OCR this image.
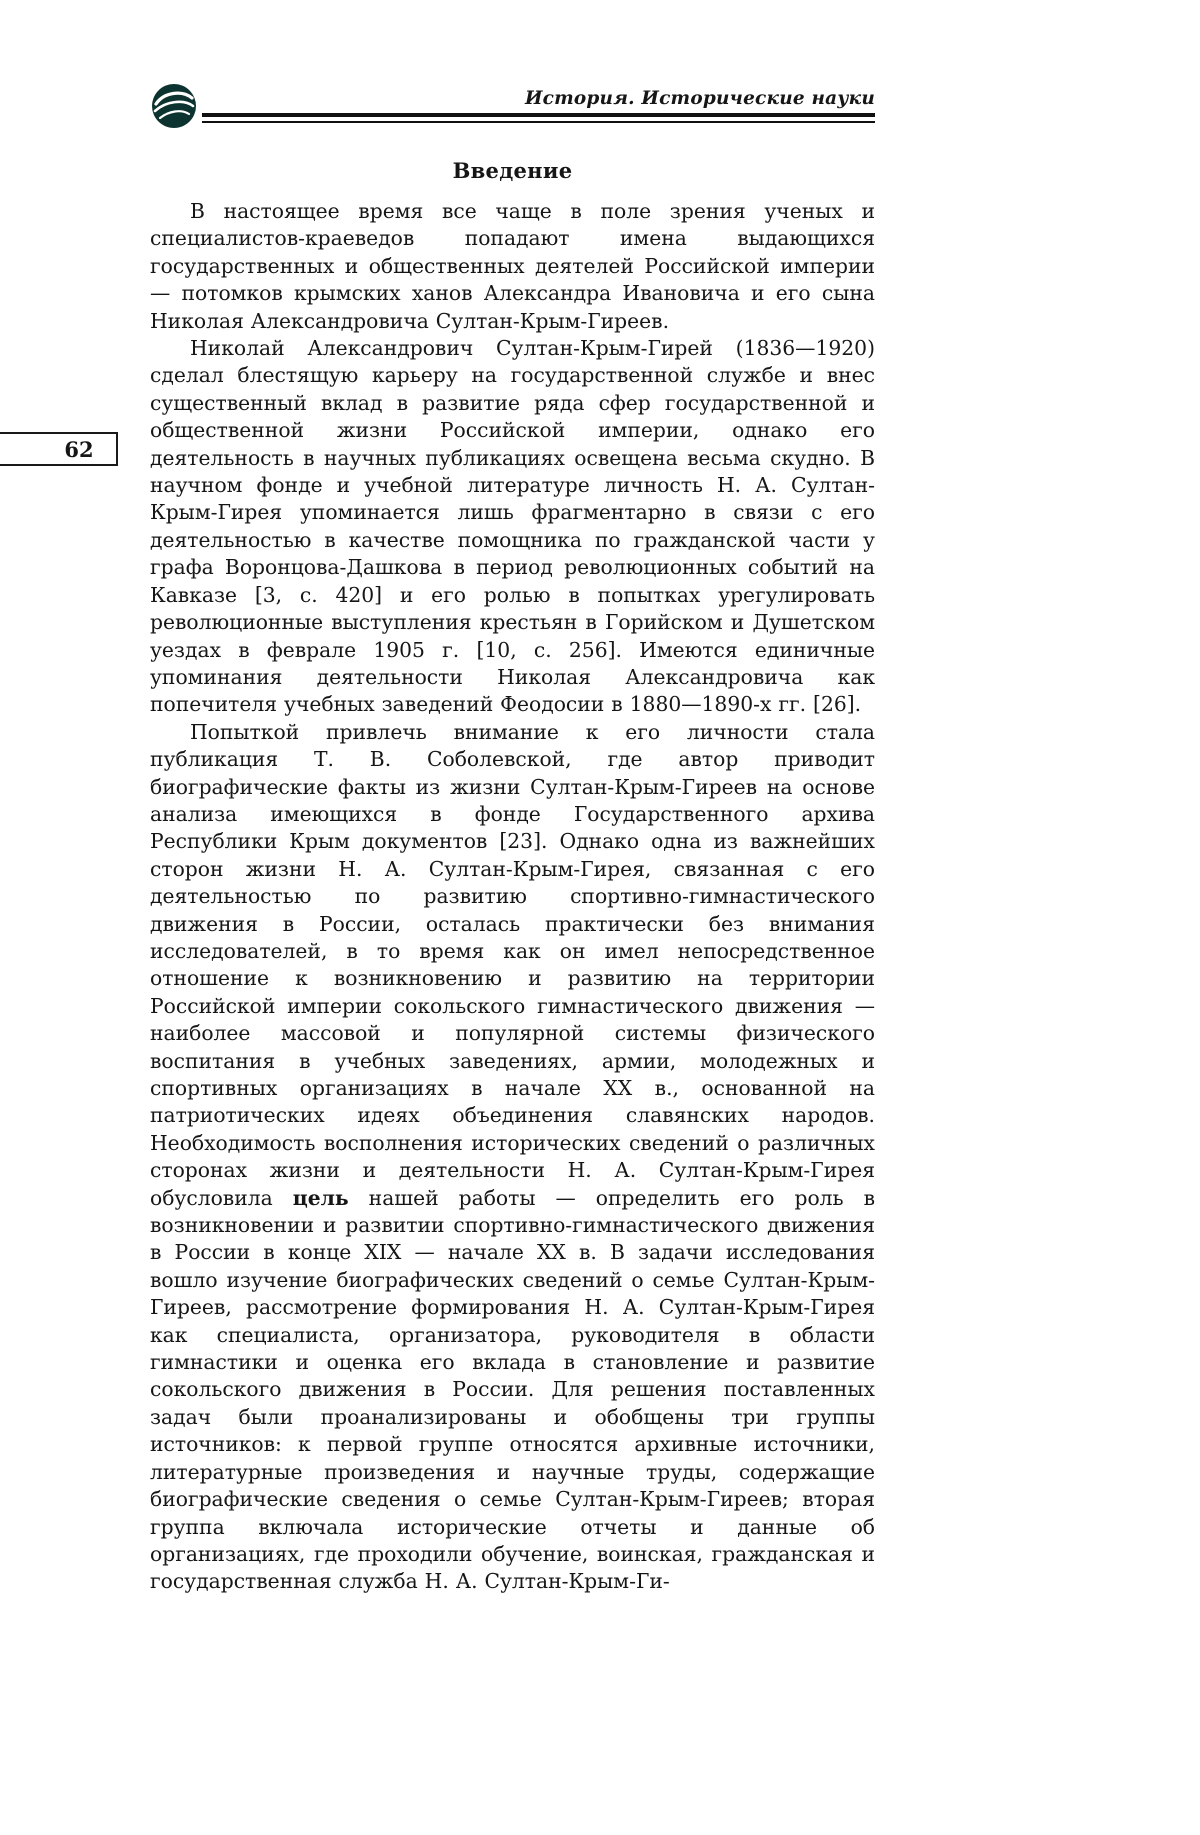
История. Исторические науки
62
Введение

В настоящее время все чаще в поле зрения ученых и специалистов-краеведов попадают имена выдающихся государственных и общественных деятелей Российской империи — потомков крымских ханов Александра Ивановича и его сына Николая Александровича Султан-Крым-Гиреев.

Николай Александрович Султан-Крым-Гирей (1836—1920) сделал блестящую карьеру на государственной службе и внес существенный вклад в развитие ряда сфер государственной и общественной жизни Российской империи, однако его деятельность в научных публикациях освещена весьма скудно. В научном фонде и учебной литературе личность Н. А. Султан-Крым-Гирея упоминается лишь фрагментарно в связи с его деятельностью в качестве помощника по гражданской части у графа Воронцова-Дашкова в период революционных событий на Кавказе [3, с. 420] и его ролью в попытках урегулировать революционные выступления крестьян в Горийском и Душетском уездах в феврале 1905 г. [10, с. 256]. Имеются единичные упоминания деятельности Николая Александровича как попечителя учебных заведений Феодосии в 1880—1890-х гг. [26].

Попыткой привлечь внимание к его личности стала публикация Т. В. Соболевской, где автор приводит биографические факты из жизни Султан-Крым-Гиреев на основе анализа имеющихся в фонде Государственного архива Республики Крым документов [23]. Однако одна из важнейших сторон жизни Н. А. Султан-Крым-Гирея, связанная с его деятельностью по развитию спортивно-гимнастического движения в России, осталась практически без внимания исследователей, в то время как он имел непосредственное отношение к возникновению и развитию на территории Российской империи сокольского гимнастического движения — наиболее массовой и популярной системы физического воспитания в учебных заведениях, армии, молодежных и спортивных организациях в начале XX в., основанной на патриотических идеях объединения славянских народов. Необходимость восполнения исторических сведений о различных сторонах жизни и деятельности Н. А. Султан-Крым-Гирея обусловила цель нашей работы — определить его роль в возникновении и развитии спортивно-гимнастического движения в России в конце XIX — начале XX в. В задачи исследования вошло изучение биографических сведений о семье Султан-Крым-Гиреев, рассмотрение формирования Н. А. Султан-Крым-Гирея как специалиста, организатора, руководителя в области гимнастики и оценка его вклада в становление и развитие сокольского движения в России. Для решения поставленных задач были проанализированы и обобщены три группы источников: к первой группе относятся архивные источники, литературные произведения и научные труды, содержащие биографические сведения о семье Султан-Крым-Гиреев; вторая группа включала исторические отчеты и данные об организациях, где проходили обучение, воинская, гражданская и государственная служба Н. А. Султан-Крым-Ги-
